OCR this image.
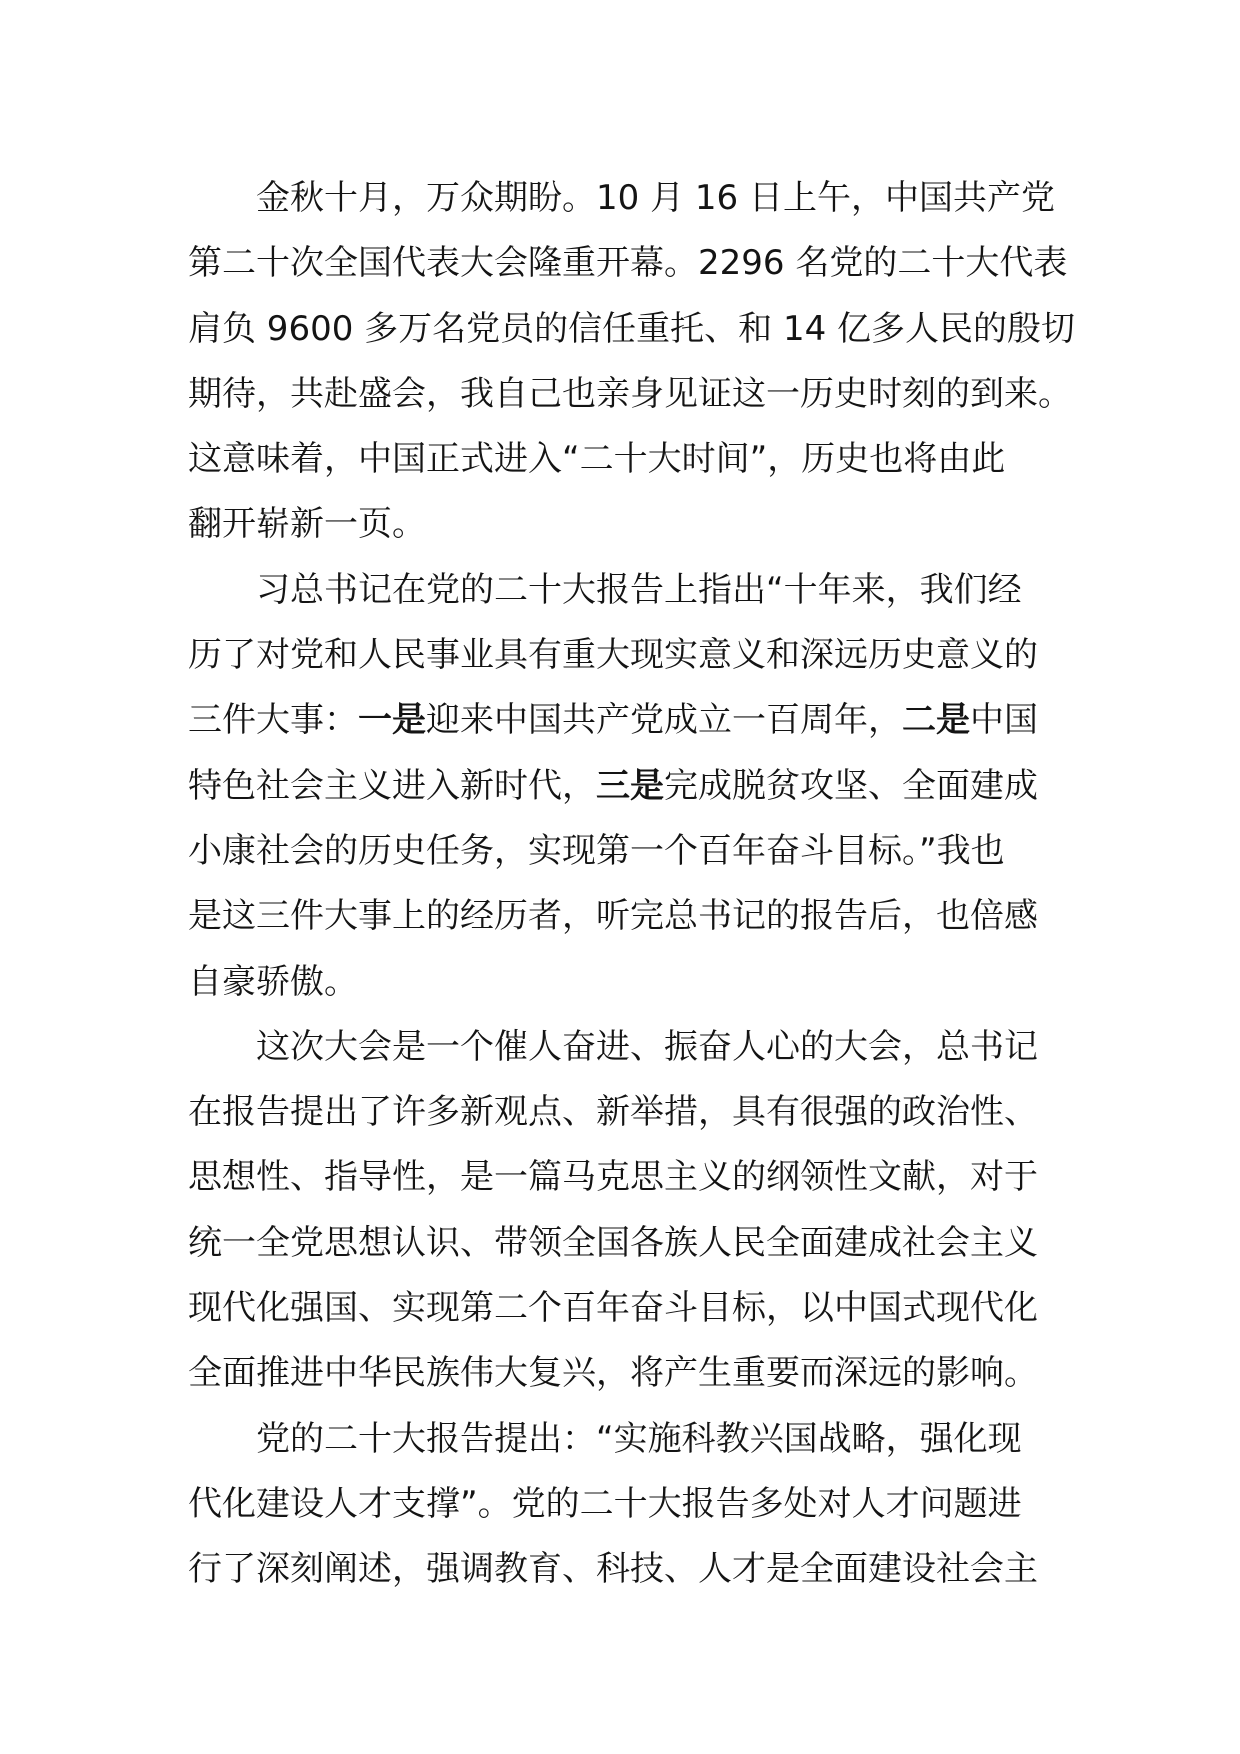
金秋十月，万众期盼。10 月 16 日上午，中国共产党
第二十次全国代表大会隆重开幕。2296 名党的二十大代表
肩负 9600 多万名党员的信任重托、和 14 亿多人民的殷切
期待，共赴盛会，我自己也亲身见证这一历史时刻的到来。
这意味着，中国正式进入“二十大时间”，历史也将由此
翻开崭新一页。
习总书记在党的二十大报告上指出“十年来，我们经
历了对党和人民事业具有重大现实意义和深远历史意义的
三件大事：一是迎来中国共产党成立一百周年，二是中国
特色社会主义进入新时代，三是完成脱贫攻坚、全面建成
小康社会的历史任务，实现第一个百年奋斗目标。”我也
是这三件大事上的经历者，听完总书记的报告后，也倍感
自豪骄傲。
这次大会是一个催人奋进、振奋人心的大会，总书记
在报告提出了许多新观点、新举措，具有很强的政治性、
思想性、指导性，是一篇马克思主义的纲领性文献，对于
统一全党思想认识、带领全国各族人民全面建成社会主义
现代化强国、实现第二个百年奋斗目标，以中国式现代化
全面推进中华民族伟大复兴，将产生重要而深远的影响。
党的二十大报告提出：“实施科教兴国战略，强化现
代化建设人才支撑”。党的二十大报告多处对人才问题进
行了深刻阐述，强调教育、科技、人才是全面建设社会主
